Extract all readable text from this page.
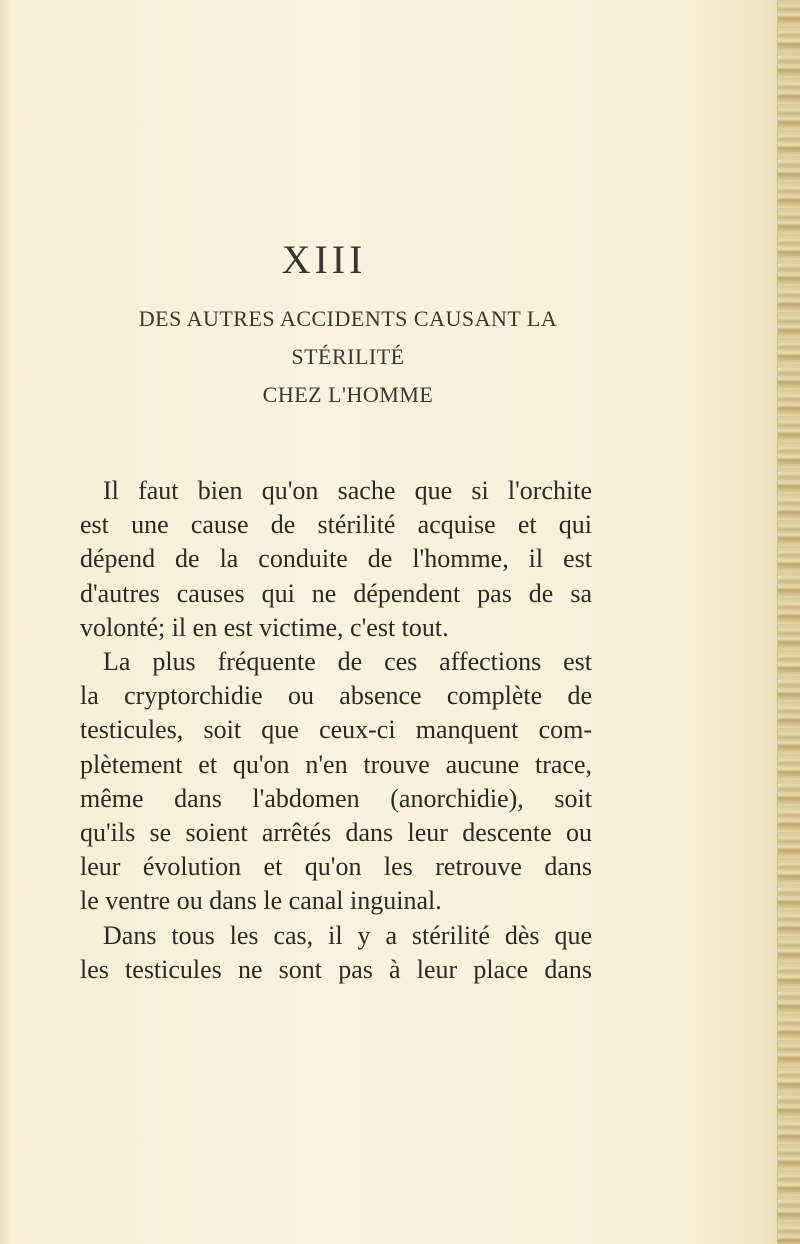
XIII
DES AUTRES ACCIDENTS CAUSANT LA STÉRILITÉ
CHEZ L'HOMME
Il faut bien qu'on sache que si l'orchite
est une cause de stérilité acquise et qui
dépend de la conduite de l'homme, il est
d'autres causes qui ne dépendent pas de sa
volonté; il en est victime, c'est tout.
La plus fréquente de ces affections est
la cryptorchidie ou absence complète de
testicules, soit que ceux-ci manquent com-
plètement et qu'on n'en trouve aucune trace,
même dans l'abdomen (anorchidie), soit
qu'ils se soient arrêtés dans leur descente ou
leur évolution et qu'on les retrouve dans
le ventre ou dans le canal inguinal.
Dans tous les cas, il y a stérilité dès que
les testicules ne sont pas à leur place dans
